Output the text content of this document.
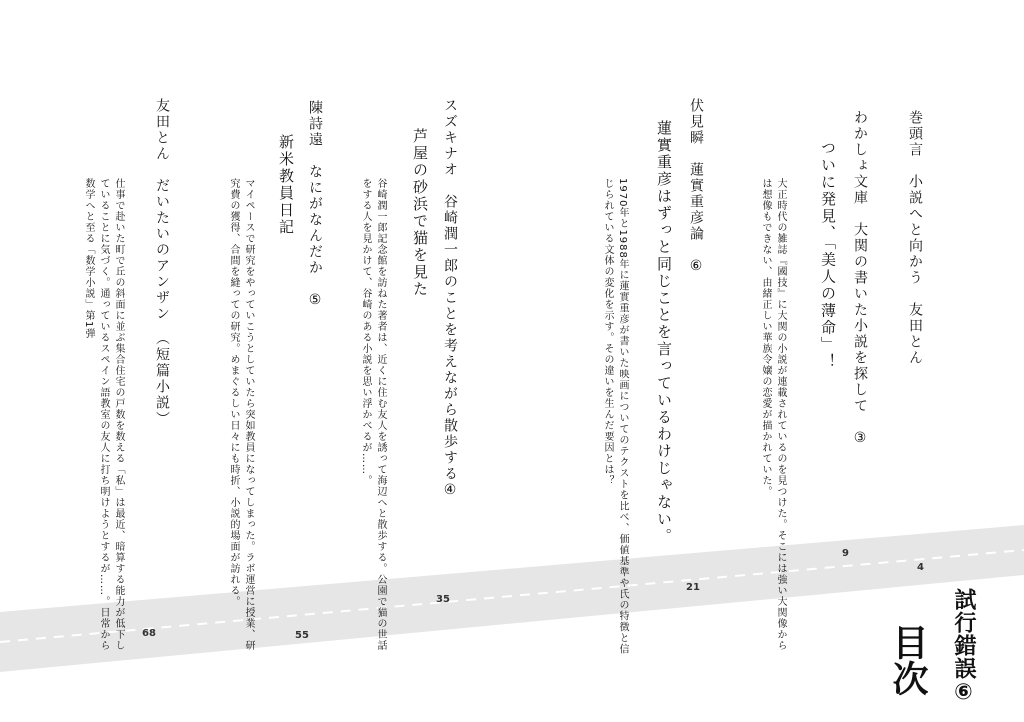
巻頭言　小説へと向かう　友田とん
4
わかしょ文庫　大関の書いた小説を探して　③
ついに発見、「美人の薄命」！
大正時代の雑誌『國技』に大関の小説が連載されているのを見つけた。そこには強い大関像からは想像もできない、由緒正しい華族令嬢の恋愛が描かれていた。
9
伏見瞬　蓮實重彦論　⑥
蓮實重彦はずっと同じことを言っているわけじゃない。
1970年と1988年に蓮實重彦が書いた映画についてのテクストを比べ、価値基準や氏の特徴と信じられている文体の変化を示す。その違いを生んだ要因とは？
21
スズキナオ　谷崎潤一郎のことを考えながら散歩する④
芦屋の砂浜で猫を見た
谷崎潤一郎記念館を訪ねた著者は、近くに住む友人を誘って海辺へと散歩する。公園で猫の世話をする人を見かけて、谷崎のある小説を思い浮かべるが……。
35
陳詩遠　なにがなんだか　⑤
新米教員日記
マイペースで研究をやっていこうとしていたら突如教員になってしまった。ラボ運営に授業、研究費の獲得、合間を縫っての研究。めまぐるしい日々にも時折、小説的場面が訪れる。
55
友田とん　だいたいのアンザン　（短篇小説）
仕事で赴いた町で丘の斜面に並ぶ集合住宅の戸数を数える「私」は最近、暗算する能力が低下していることに気づく。通っているスペイン語教室の友人に打ち明けようとするが……。日常から数学へと至る「数学小説」第1弾
68	試行錯誤⑥
目次
